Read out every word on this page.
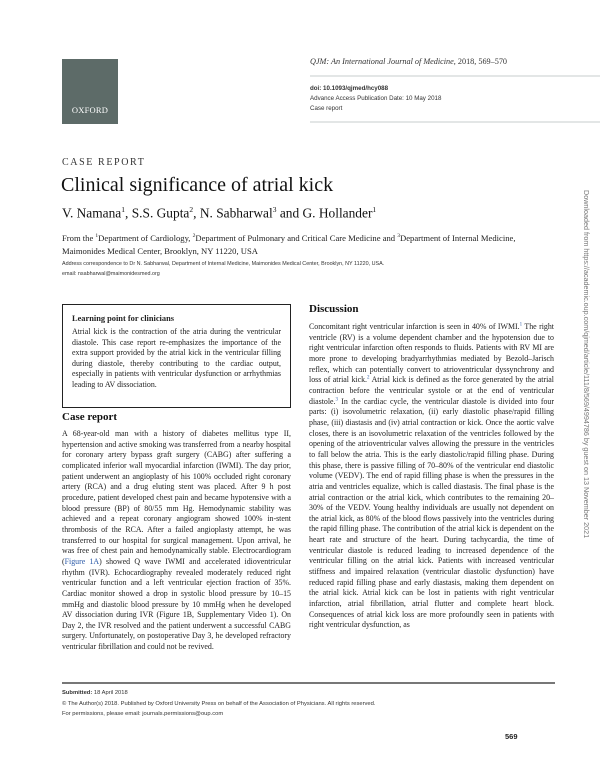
OXFORD
QJM: An International Journal of Medicine, 2018, 569–570
doi: 10.1093/qjmed/hcy088
Advance Access Publication Date: 10 May 2018
Case report
CASE REPORT
Clinical significance of atrial kick
V. Namana$^1$, S.S. Gupta$^2$, N. Sabharwal$^3$ and G. Hollander$^1$
From the $^1$Department of Cardiology, $^2$Department of Pulmonary and Critical Care Medicine and $^3$Department of Internal Medicine, Maimonides Medical Center, Brooklyn, NY 11220, USA
Address correspondence to Dr N. Sabharwal, Department of Internal Medicine, Maimonides Medical Center, Brooklyn, NY 11220, USA.
email: nsabharwal@maimonidesmed.org
Learning point for clinicians

Atrial kick is the contraction of the atria during the ventricular diastole. This case report re-emphasizes the importance of the extra support provided by the atrial kick in the ventricular filling during diastole, thereby contributing to the cardiac output, especially in patients with ventricular dysfunction or arrhythmias leading to AV dissociation.

Case report
A 68-year-old man with a history of diabetes mellitus type II, hypertension and active smoking was transferred from a nearby hospital for coronary artery bypass graft surgery (CABG) after suffering a complicated inferior wall myocardial infarction (IWMI). The day prior, patient underwent an angioplasty of his 100% occluded right coronary artery (RCA) and a drug eluting stent was placed. After 9 h post procedure, patient developed chest pain and became hypotensive with a blood pressure (BP) of 80/55 mm Hg. Hemodynamic stability was achieved and a repeat coronary angiogram showed 100% in-stent thrombosis of the RCA. After a failed angioplasty attempt, he was transferred to our hospital for surgical management. Upon arrival, he was free of chest pain and hemodynamically stable. Electrocardiogram (Figure 1A) showed Q wave IWMI and accelerated idioventricular rhythm (IVR). Echocardiography revealed moderately reduced right ventricular function and a left ventricular ejection fraction of 35%. Cardiac monitor showed a drop in systolic blood pressure by 10–15 mmHg and diastolic blood pressure by 10 mmHg when he developed AV dissociation during IVR (Figure 1B, Supplementary Video 1). On Day 2, the IVR resolved and the patient underwent a successful CABG surgery. Unfortunately, on postoperative Day 3, he developed refractory ventricular fibrillation and could not be revived.
Discussion
Concomitant right ventricular infarction is seen in 40% of IWMI.$^1$ The right ventricle (RV) is a volume dependent chamber and the hypotension due to right ventricular infarction often responds to fluids. Patients with RV MI are more prone to developing bradyarrhythmias mediated by Bezold–Jarisch reflex, which can potentially convert to atrioventricular dyssynchrony and loss of atrial kick.$^2$ Atrial kick is defined as the force generated by the atrial contraction before the ventricular systole or at the end of ventricular diastole.$^3$ In the cardiac cycle, the ventricular diastole is divided into four parts: (i) isovolumetric relaxation, (ii) early diastolic phase/rapid filling phase, (iii) diastasis and (iv) atrial contraction or kick. Once the aortic valve closes, there is an isovolumetric relaxation of the ventricles followed by the opening of the atrioventricular valves allowing the pressure in the ventricles to fall below the atria. This is the early diastolic/rapid filling phase. During this phase, there is passive filling of 70–80% of the ventricular end diastolic volume (VEDV). The end of rapid filling phase is when the pressures in the atria and ventricles equalize, which is called diastasis. The final phase is the atrial contraction or the atrial kick, which contributes to the remaining 20–30% of the VEDV. Young healthy individuals are usually not dependent on the atrial kick, as 80% of the blood flows passively into the ventricles during the rapid filling phase. The contribution of the atrial kick is dependent on the heart rate and structure of the heart. During tachycardia, the time of ventricular diastole is reduced leading to increased dependence of the ventricular filling on the atrial kick. Patients with increased ventricular stiffness and impaired relaxation (ventricular diastolic dysfunction) have reduced rapid filling phase and early diastasis, making them dependent on the atrial kick. Atrial kick can be lost in patients with right ventricular infarction, atrial fibrillation, atrial flutter and complete heart block. Consequences of atrial kick loss are more profoundly seen in patients with right ventricular dysfunction, as
Submitted: 18 April 2018
© The Author(s) 2018. Published by Oxford University Press on behalf of the Association of Physicians. All rights reserved.
For permissions, please email: journals.permissions@oup.com
569
Downloaded from https://academic.oup.com/qjmed/article/111/8/569/4994786 by guest on 13 November 2021
